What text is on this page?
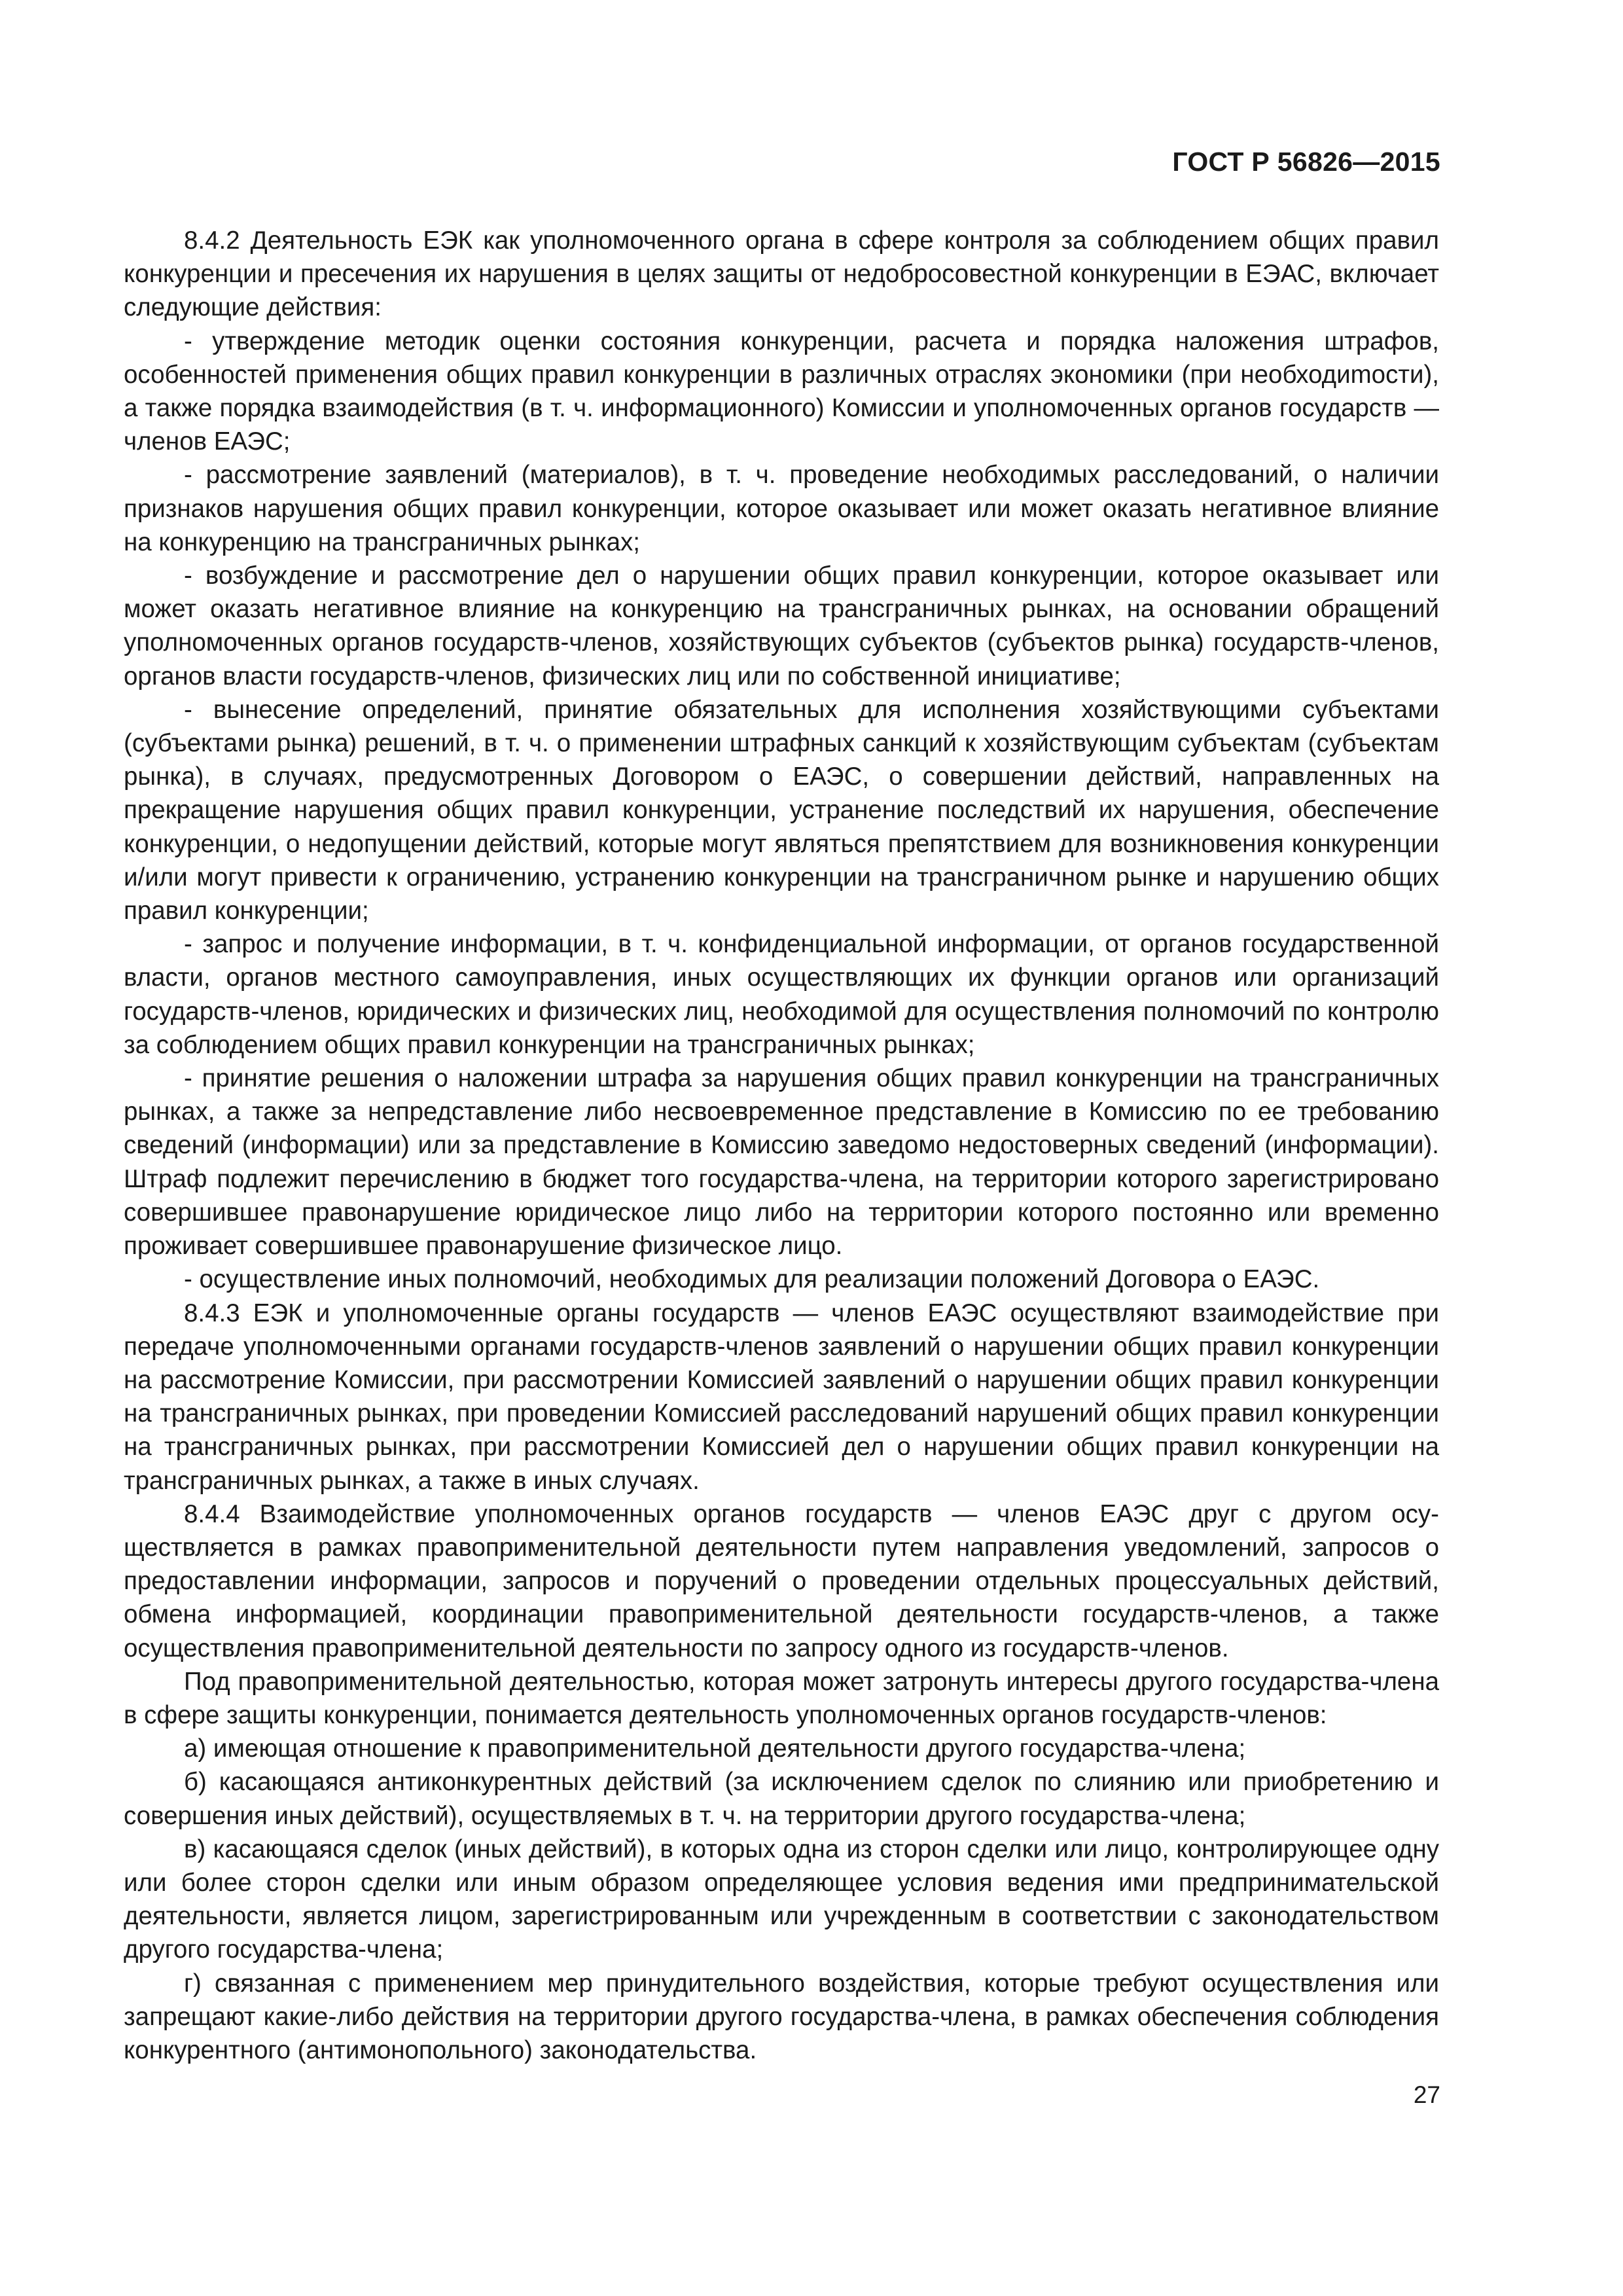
ГОСТ Р 56826—2015

8.4.2 Деятельность ЕЭК как уполномоченного органа в сфере контроля за соблюдением общих правил конкуренции и пресечения их нарушения в целях защиты от недобросовестной конкуренции в ЕЭАС, включает следующие действия:

- утверждение методик оценки состояния конкуренции, расчета и порядка наложения штрафов, особенностей применения общих правил конкуренции в различных отраслях экономики (при необходиmости), а также порядка взаимодействия (в т. ч. информационного) Комиссии и уполномоченных органов государств — членов ЕАЭС;

- рассмотрение заявлений (материалов), в т. ч. проведение необходимых расследований, о наличии признаков нарушения общих правил конкуренции, которое оказывает или может оказать негативное влияние на конкуренцию на трансграничных рынках;

- возбуждение и рассмотрение дел о нарушении общих правил конкуренции, которое оказывает или может оказать негативное влияние на конкуренцию на трансграничных рынках, на основании обращений уполномоченных органов государств-членов, хозяйствующих субъектов (субъектов рынка) государств-членов, органов власти государств-членов, физических лиц или по собственной инициативе;

- вынесение определений, принятие обязательных для исполнения хозяйствующими субъектами (субъектами рынка) решений, в т. ч. о применении штрафных санкций к хозяйствующим субъектам (субъектам рынка), в случаях, предусмотренных Договором о ЕАЭС, о совершении действий, направленных на прекращение нарушения общих правил конкуренции, устранение последствий их нарушения, обеспечение конкуренции, о недопущении действий, которые могут являться препятствием для возникновения конкуренции и/или могут привести к ограничению, устранению конкуренции на трансграничном рынке и нарушению общих правил конкуренции;

- запрос и получение информации, в т. ч. конфиденциальной информации, от органов государственной власти, органов местного самоуправления, иных осуществляющих их функции органов или организаций государств-членов, юридических и физических лиц, необходимой для осуществления полномочий по контролю за соблюдением общих правил конкуренции на трансграничных рынках;

- принятие решения о наложении штрафа за нарушения общих правил конкуренции на трансграничных рынках, а также за непредставление либо несвоевременное представление в Комиссию по ее требованию сведений (информации) или за представление в Комиссию заведомо недостоверных сведений (информации). Штраф подлежит перечислению в бюджет того государства-члена, на территории которого зарегистрировано совершившее правонарушение юридическое лицо либо на территории которого постоянно или временно проживает совершившее правонарушение физическое лицо.

- осуществление иных полномочий, необходимых для реализации положений Договора о ЕАЭС.

8.4.3 ЕЭК и уполномоченные органы государств — членов ЕАЭС осуществляют взаимодействие при передаче уполномоченными органами государств-членов заявлений о нарушении общих правил конкуренции на рассмотрение Комиссии, при рассмотрении Комиссией заявлений о нарушении общих правил конкуренции на трансграничных рынках, при проведении Комиссией расследований нарушений общих правил конкуренции на трансграничных рынках, при рассмотрении Комиссией дел о нарушении общих правил конкуренции на трансграничных рынках, а также в иных случаях.

8.4.4 Взаимодействие уполномоченных органов государств — членов ЕАЭС друг с другом осуществляется в рамках правоприменительной деятельности путем направления уведомлений, запросов о предоставлении информации, запросов и поручений о проведении отдельных процессуальных действий, обмена информацией, координации правоприменительной деятельности государств-членов, а также осуществления правоприменительной деятельности по запросу одного из государств-членов.

Под правоприменительной деятельностью, которая может затронуть интересы другого государства-члена в сфере защиты конкуренции, понимается деятельность уполномоченных органов государств-членов:

а) имеющая отношение к правоприменительной деятельности другого государства-члена;

б) касающаяся антиконкурентных действий (за исключением сделок по слиянию или приобретению и совершения иных действий), осуществляемых в т. ч. на территории другого государства-члена;

в) касающаяся сделок (иных действий), в которых одна из сторон сделки или лицо, контролирующее одну или более сторон сделки или иным образом определяющее условия ведения ими предпринимательской деятельности, является лицом, зарегистрированным или учрежденным в соответствии с законодательством другого государства-члена;

г) связанная с применением мер принудительного воздействия, которые требуют осуществления или запрещают какие-либо действия на территории другого государства-члена, в рамках обеспечения соблюдения конкурентного (антимонопольного) законодательства.

27
